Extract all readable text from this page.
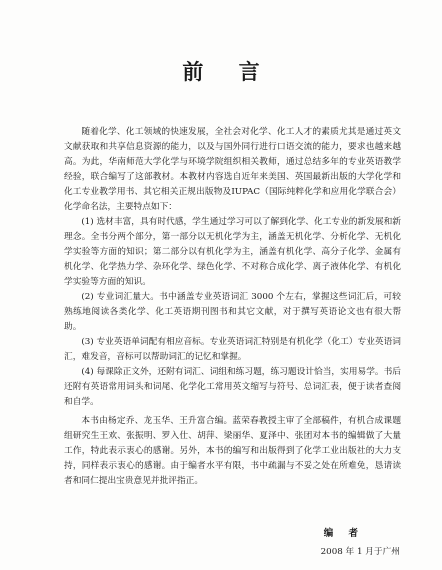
前 言

随着化学、化工领域的快速发展，全社会对化学、化工人才的素质尤其是通过英文文献获取和共享信息资源的能力，以及与国外同行进行口语交流的能力，要求也越来越高。为此，华南师范大学化学与环境学院组织相关教师，通过总结多年的专业英语教学经验，联合编写了这部教材。本教材内容选自近年来美国、英国最新出版的大学化学和化工专业教学用书、其它相关正规出版物及IUPAC（国际纯粹化学和应用化学联合会）化学命名法，主要特点如下：

(1) 选材丰富，具有时代感，学生通过学习可以了解到化学、化工专业的新发展和新理念。全书分两个部分，第一部分以无机化学为主，涵盖无机化学、分析化学、无机化学实验等方面的知识；第二部分以有机化学为主，涵盖有机化学、高分子化学、金属有机化学、化学热力学、杂环化学、绿色化学、不对称合成化学、离子液体化学、有机化学实验等方面的知识。

(2) 专业词汇量大。书中涵盖专业英语词汇 3000 个左右，掌握这些词汇后，可较熟练地阅读各类化学、化工英语期刊图书和其它文献，对于撰写英语论文也有很大帮助。

(3) 专业英语单词配有相应音标。专业英语词汇特别是有机化学（化工）专业英语词汇，难发音，音标可以帮助词汇的记忆和掌握。

(4) 每课除正文外，还附有词汇、词组和练习题，练习题设计恰当，实用易学。书后还附有英语常用词头和词尾、化学化工常用英文缩写与符号、总词汇表，便于读者查阅和自学。

本书由杨定乔、龙玉华、王升富合编。蓝荣春教授主审了全部稿件，有机合成课题组研究生王欢、张振明、罗入仕、胡萍、梁丽华、夏泽中、张团对本书的编辑做了大量工作，特此表示衷心的感谢。另外，本书的编写和出版得到了化学工业出版社的大力支持，同样表示衷心的感谢。由于编者水平有限，书中疏漏与不妥之处在所难免，恳请读者和同仁提出宝贵意见并批评指正。

编 者
2008 年 1 月于广州
